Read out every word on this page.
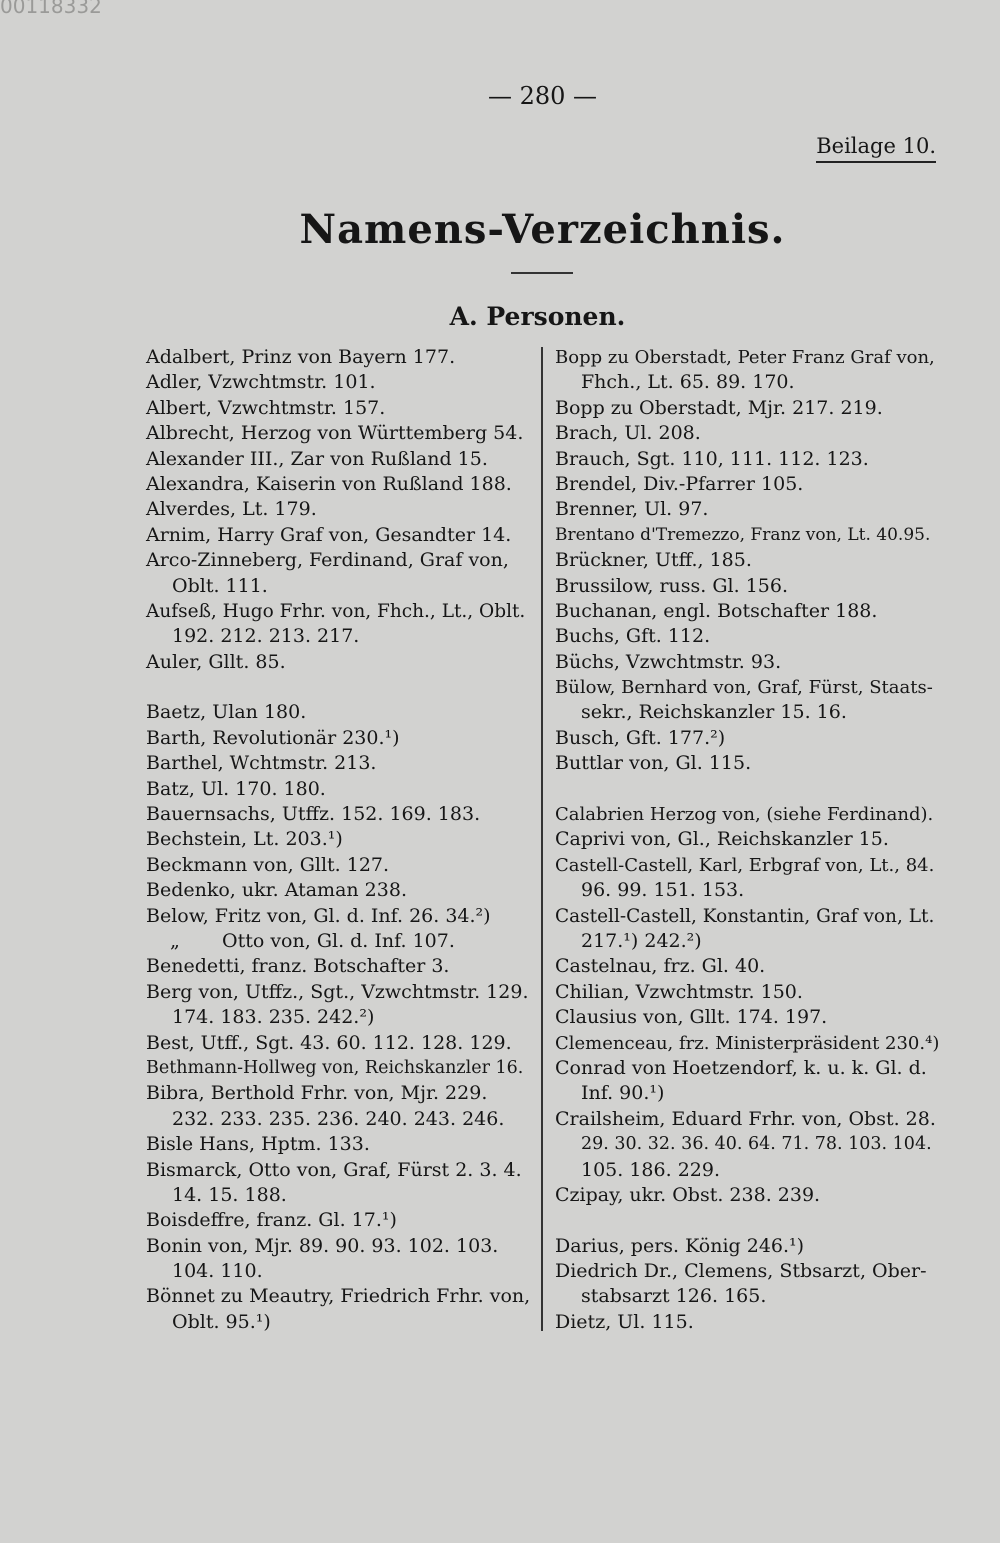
00118332
— 280 —
Beilage 10.
Namens-Verzeichnis.
A. Personen.
Adalbert, Prinz von Bayern 177.
Adler, Vzwchtmstr. 101.
Albert, Vzwchtmstr. 157.
Albrecht, Herzog von Württemberg 54.
Alexander III., Zar von Rußland 15.
Alexandra, Kaiserin von Rußland 188.
Alverdes, Lt. 179.
Arnim, Harry Graf von, Gesandter 14.
Arco-Zinneberg, Ferdinand, Graf von,
Oblt. 111.
Aufseß, Hugo Frhr. von, Fhch., Lt., Oblt.
192. 212. 213. 217.
Auler, Gllt. 85.
Baetz, Ulan 180.
Barth, Revolutionär 230.¹)
Barthel, Wchtmstr. 213.
Batz, Ul. 170. 180.
Bauernsachs, Utffz. 152. 169. 183.
Bechstein, Lt. 203.¹)
Beckmann von, Gllt. 127.
Bedenko, ukr. Ataman 238.
Below, Fritz von, Gl. d. Inf. 26. 34.²)
„ Otto von, Gl. d. Inf. 107.
Benedetti, franz. Botschafter 3.
Berg von, Utffz., Sgt., Vzwchtmstr. 129.
174. 183. 235. 242.²)
Best, Utff., Sgt. 43. 60. 112. 128. 129.
Bethmann-Hollweg von, Reichskanzler 16.
Bibra, Berthold Frhr. von, Mjr. 229.
232. 233. 235. 236. 240. 243. 246.
Bisle Hans, Hptm. 133.
Bismarck, Otto von, Graf, Fürst 2. 3. 4.
14. 15. 188.
Boisdeffre, franz. Gl. 17.¹)
Bonin von, Mjr. 89. 90. 93. 102. 103.
104. 110.
Bönnet zu Meautry, Friedrich Frhr. von,
Oblt. 95.¹)
Bopp zu Oberstadt, Peter Franz Graf von,
Fhch., Lt. 65. 89. 170.
Bopp zu Oberstadt, Mjr. 217. 219.
Brach, Ul. 208.
Brauch, Sgt. 110, 111. 112. 123.
Brendel, Div.-Pfarrer 105.
Brenner, Ul. 97.
Brentano d'Tremezzo, Franz von, Lt. 40.95.
Brückner, Utff., 185.
Brussilow, russ. Gl. 156.
Buchanan, engl. Botschafter 188.
Buchs, Gft. 112.
Büchs, Vzwchtmstr. 93.
Bülow, Bernhard von, Graf, Fürst, Staats-
sekr., Reichskanzler 15. 16.
Busch, Gft. 177.²)
Buttlar von, Gl. 115.
Calabrien Herzog von, (siehe Ferdinand).
Caprivi von, Gl., Reichskanzler 15.
Castell-Castell, Karl, Erbgraf von, Lt., 84.
96. 99. 151. 153.
Castell-Castell, Konstantin, Graf von, Lt.
217.¹) 242.²)
Castelnau, frz. Gl. 40.
Chilian, Vzwchtmstr. 150.
Clausius von, Gllt. 174. 197.
Clemenceau, frz. Ministerpräsident 230.⁴)
Conrad von Hoetzendorf, k. u. k. Gl. d.
Inf. 90.¹)
Crailsheim, Eduard Frhr. von, Obst. 28.
29. 30. 32. 36. 40. 64. 71. 78. 103. 104.
105. 186. 229.
Czipay, ukr. Obst. 238. 239.
Darius, pers. König 246.¹)
Diedrich Dr., Clemens, Stbsarzt, Ober-
stabsarzt 126. 165.
Dietz, Ul. 115.
